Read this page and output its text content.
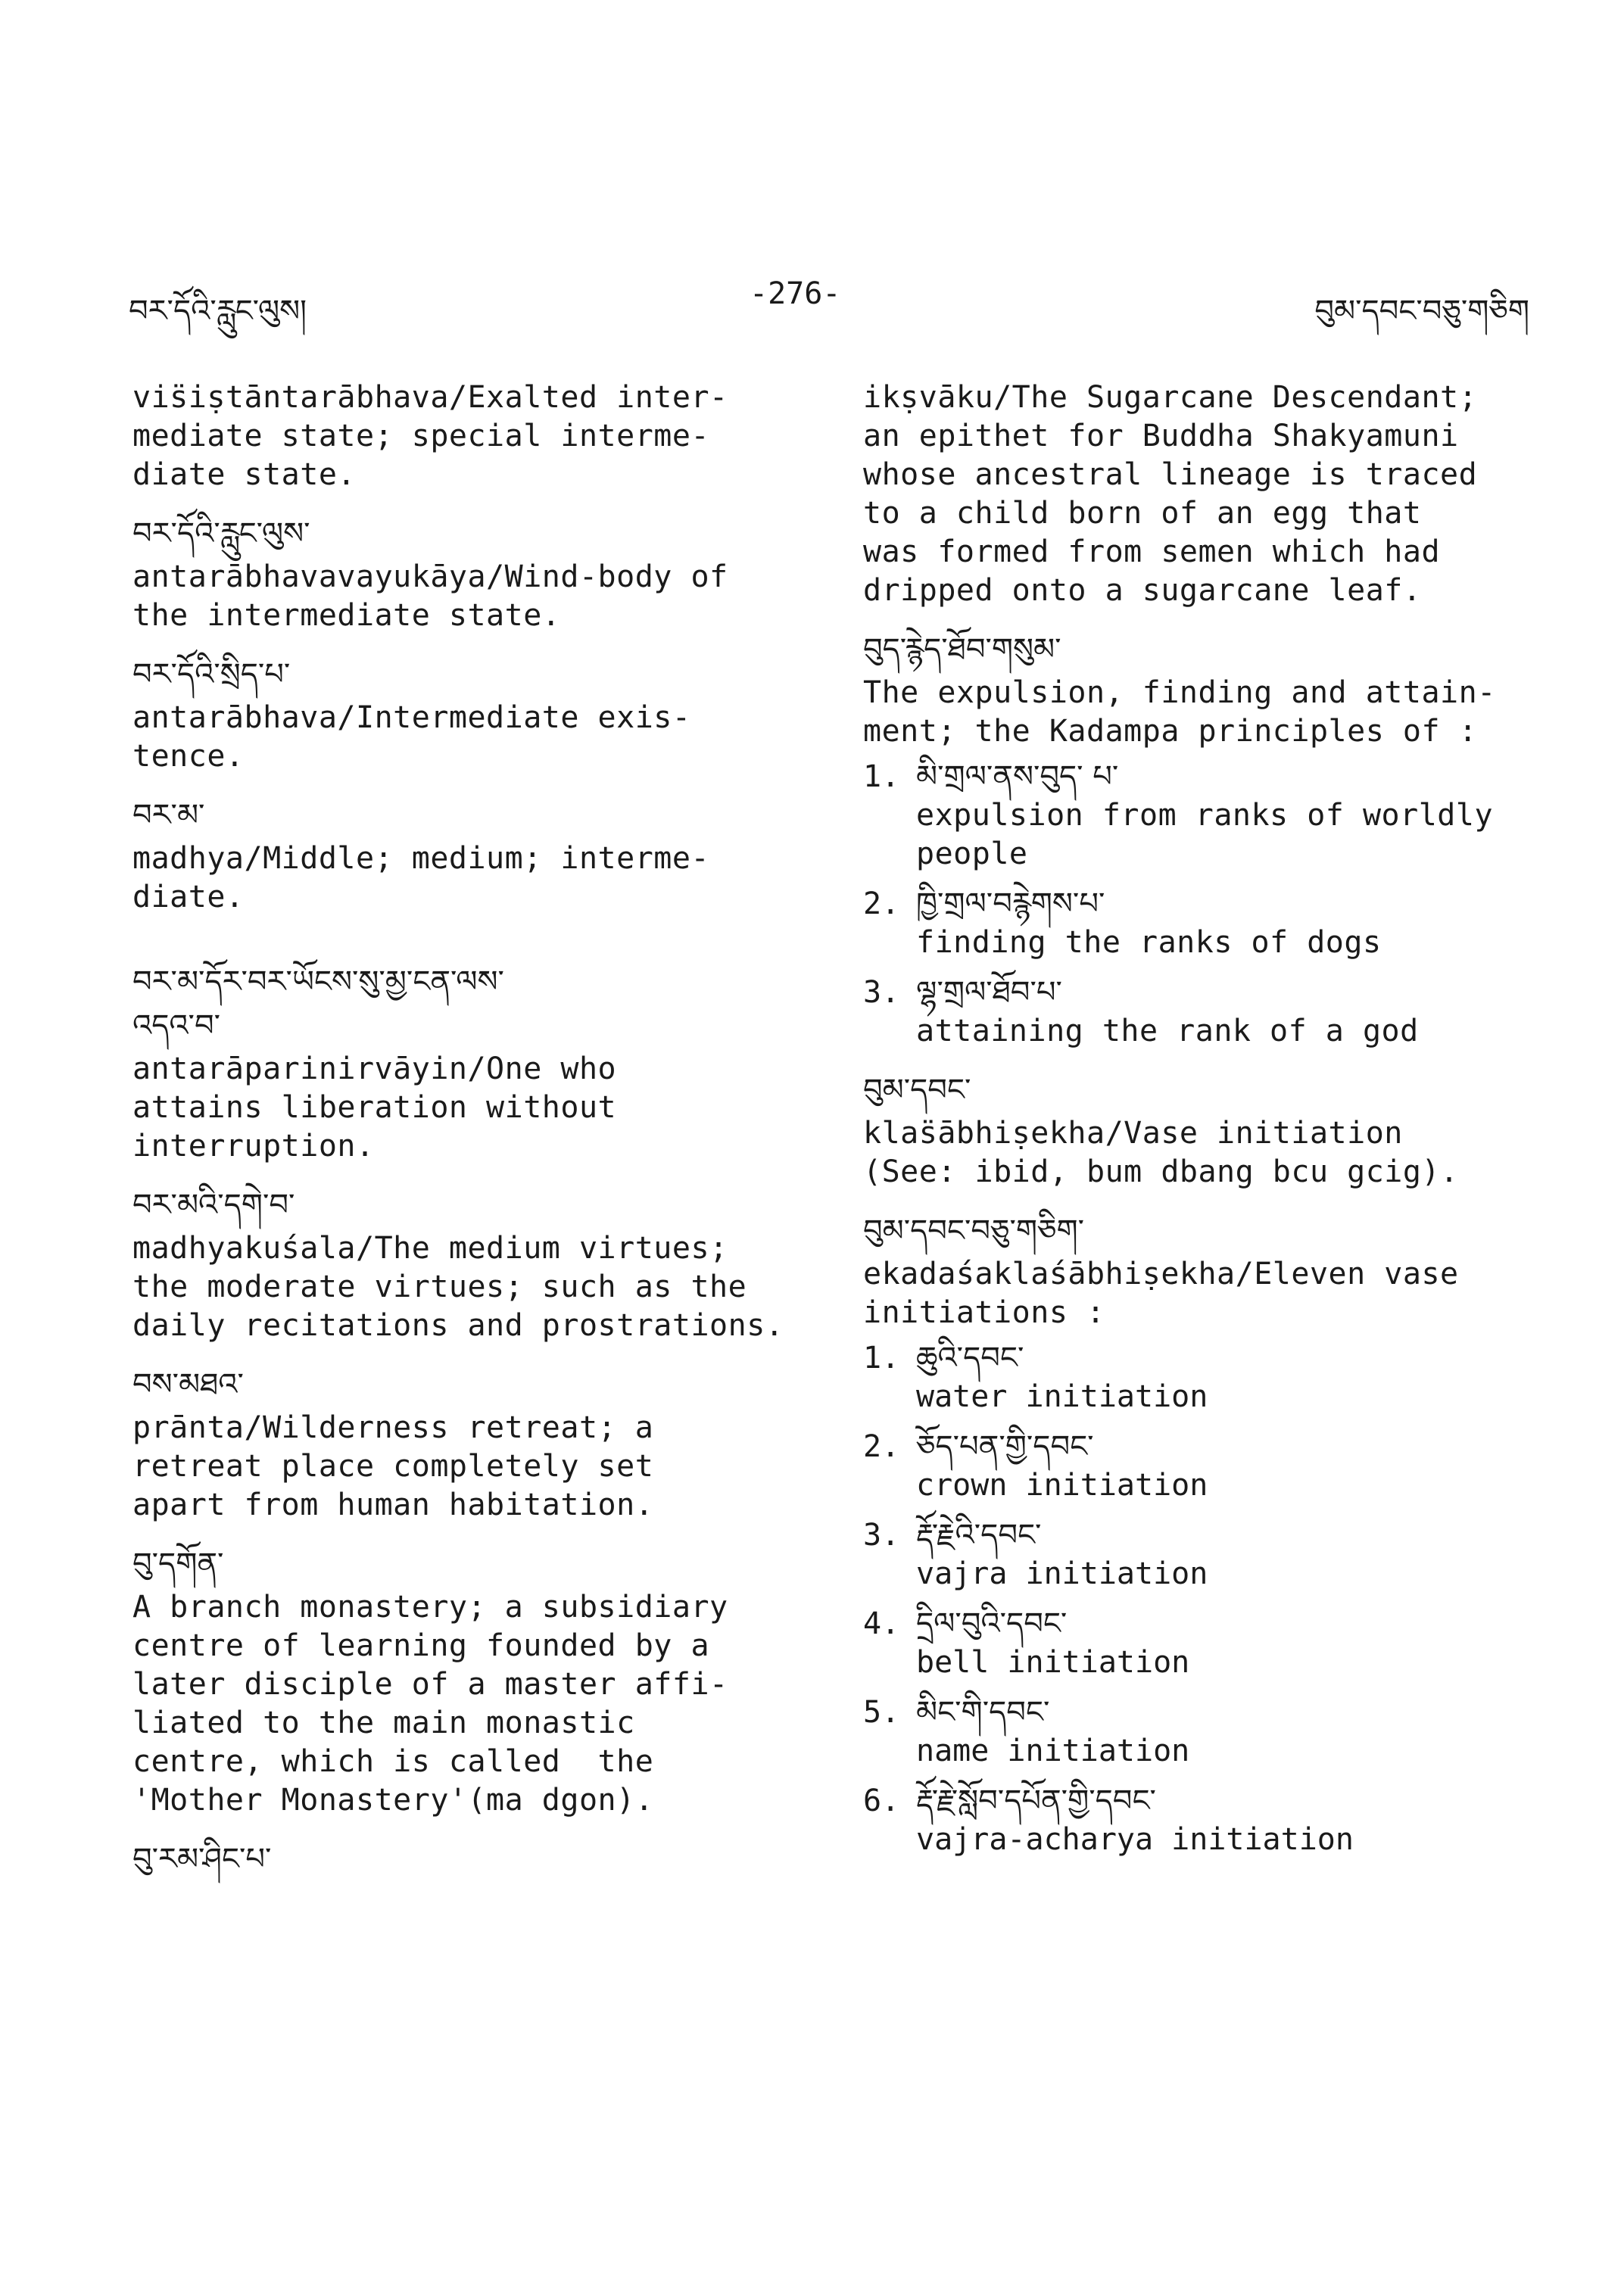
བར་དོའི་རླུང་ལུས།	-276-	བུམ་དབང་བཅུ་གཅིག
vis̈iṣtāntarābhava/Exalted inter-
mediate state; special interme-
diate state.
བར་དོའི་རླུང་ལུས་
antarābhavavayukāya/Wind-body of
the intermediate state.
བར་དོའི་སྲིད་པ་
antarābhava/Intermediate exis-
tence.
བར་མ་
madhya/Middle; medium; interme-
diate.
བར་མ་དོར་བར་ཡོངས་སུ་མྱ་ངན་ལས་
འདའ་བ་
antarāparinirvāyin/One who
attains liberation without
interruption.
བར་མའི་དགེ་བ་
madhyakuśala/The medium virtues;
the moderate virtues; such as the
daily recitations and prostrations.
བས་མཐའ་
prānta/Wilderness retreat; a
retreat place completely set
apart from human habitation.
བུ་དགོན་
A branch monastery; a subsidiary
centre of learning founded by a
later disciple of a master affi-
liated to the main monastic
centre, which is called  the
'Mother Monastery'(ma dgon).
བུ་རམ་ཤིང་པ་
ikṣvāku/The Sugarcane Descendant;
an epithet for Buddha Shakyamuni
whose ancestral lineage is traced
to a child born of an egg that
was formed from semen which had
dripped onto a sugarcane leaf.
བུད་རྙེད་ཐོབ་གསུམ་
The expulsion, finding and attain-
ment; the Kadampa principles of :
1. མི་གྲལ་ནས་བུད་ པ་
expulsion from ranks of worldly
people
2. ཁྱི་གྲལ་བརྙེགས་པ་
finding the ranks of dogs
3. ལྷ་གྲལ་ཐོབ་པ་
attaining the rank of a god
བུམ་དབང་
klas̈ābhiṣekha/Vase initiation
(See: ibid, bum dbang bcu gcig).
བུམ་དབང་བཅུ་གཅིག་
ekadaśaklaśābhiṣekha/Eleven vase
initiations :
1. ཆུའི་དབང་
water initiation
2. ཅོད་པན་གྱི་དབང་
crown initiation
3. རྡོ་རྗེའི་དབང་
vajra initiation
4. དྲིལ་བུའི་དབང་
bell initiation
5. མིང་གི་དབང་
name initiation
6. རྡོ་རྗེ་སློབ་དཔོན་གྱི་དབང་
vajra-acharya initiation
